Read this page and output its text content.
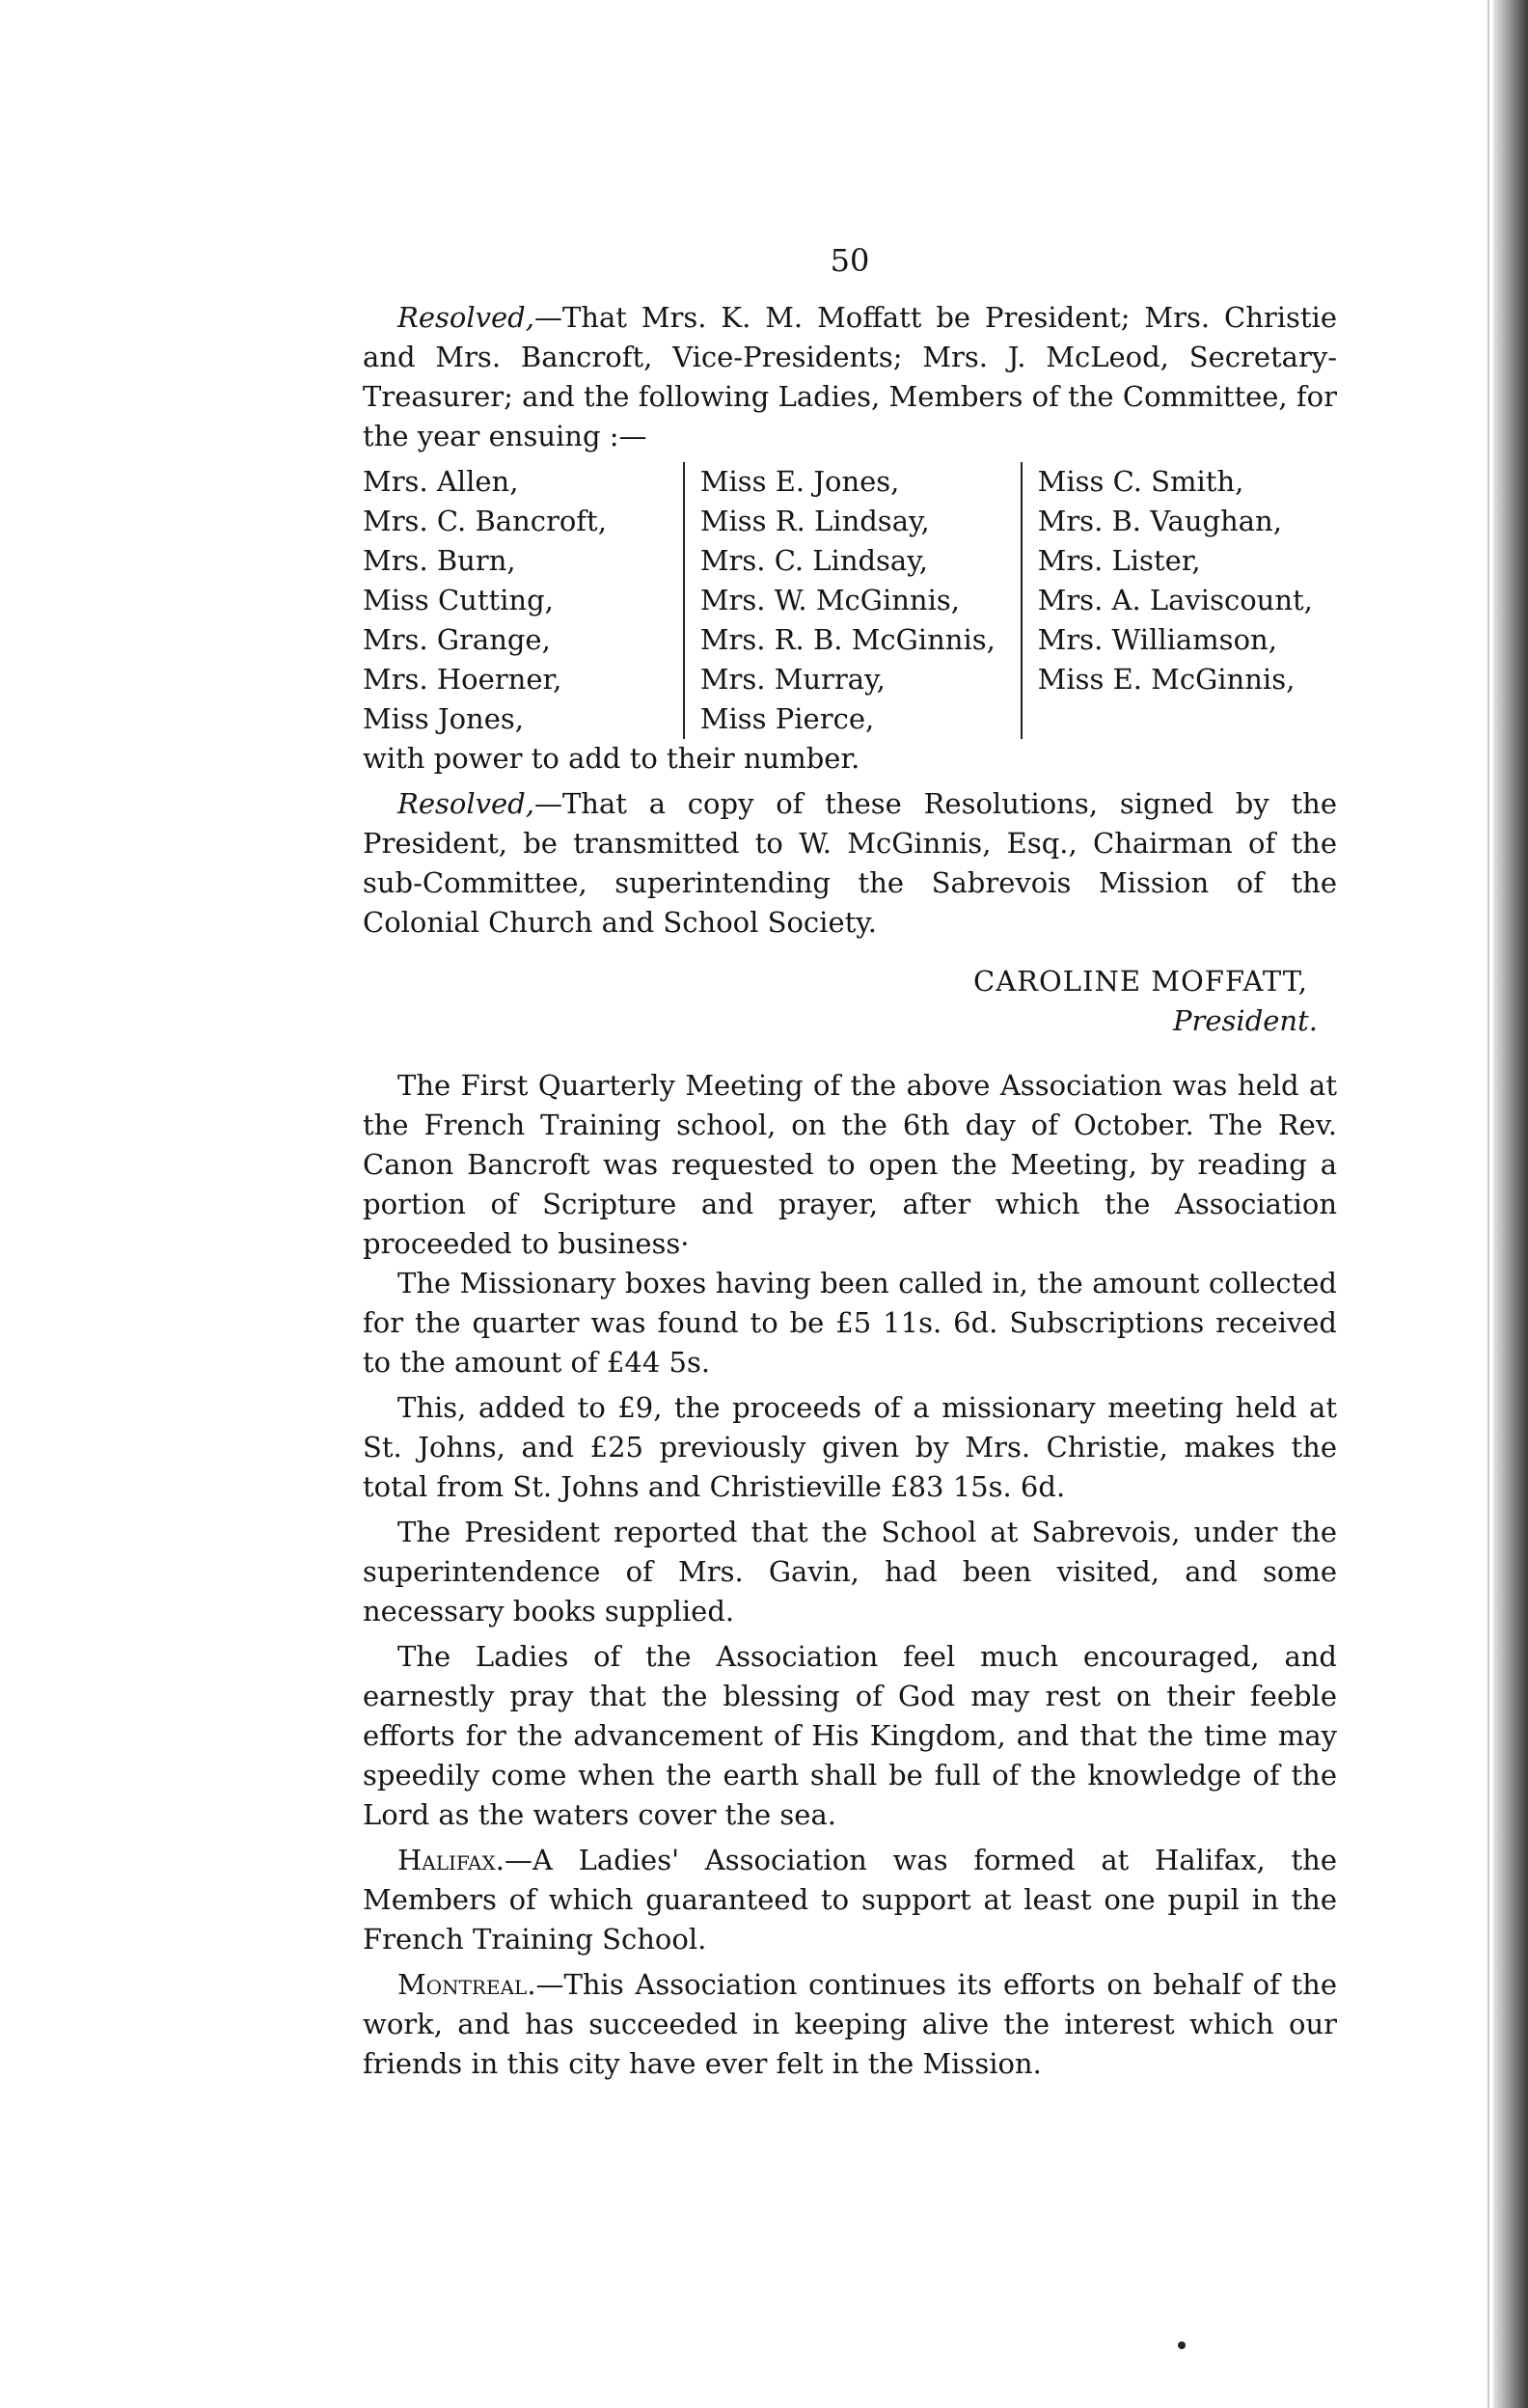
50

Resolved,—That Mrs. K. M. Moffatt be President; Mrs. Christie and Mrs. Bancroft, Vice-Presidents; Mrs. J. McLeod, Secretary-Treasurer; and the following Ladies, Members of the Committee, for the year ensuing :—

Mrs. Allen,
Mrs. C. Bancroft,
Mrs. Burn,
Miss Cutting,
Mrs. Grange,
Mrs. Hoerner,
Miss Jones,
Miss E. Jones,
Miss R. Lindsay,
Mrs. C. Lindsay,
Mrs. W. McGinnis,
Mrs. R. B. McGinnis,
Mrs. Murray,
Miss Pierce,
Miss C. Smith,
Mrs. B. Vaughan,
Mrs. Lister,
Mrs. A. Laviscount,
Mrs. Williamson,
Miss E. McGinnis,

with power to add to their number.

Resolved,—That a copy of these Resolutions, signed by the President, be transmitted to W. McGinnis, Esq., Chairman of the sub-Committee, superintending the Sabrevois Mission of the Colonial Church and School Society.

CAROLINE MOFFATT,
President.

The First Quarterly Meeting of the above Association was held at the French Training school, on the 6th day of October. The Rev. Canon Bancroft was requested to open the Meeting, by reading a portion of Scripture and prayer, after which the Association proceeded to business·

The Missionary boxes having been called in, the amount collected for the quarter was found to be £5 11s. 6d. Subscriptions received to the amount of £44 5s.

This, added to £9, the proceeds of a missionary meeting held at St. Johns, and £25 previously given by Mrs. Christie, makes the total from St. Johns and Christieville £83 15s. 6d.

The President reported that the School at Sabrevois, under the superintendence of Mrs. Gavin, had been visited, and some necessary books supplied.

The Ladies of the Association feel much encouraged, and earnestly pray that the blessing of God may rest on their feeble efforts for the advancement of His Kingdom, and that the time may speedily come when the earth shall be full of the knowledge of the Lord as the waters cover the sea.

Halifax.—A Ladies' Association was formed at Halifax, the Members of which guaranteed to support at least one pupil in the French Training School.

Montreal.—This Association continues its efforts on behalf of the work, and has succeeded in keeping alive the interest which our friends in this city have ever felt in the Mission.
